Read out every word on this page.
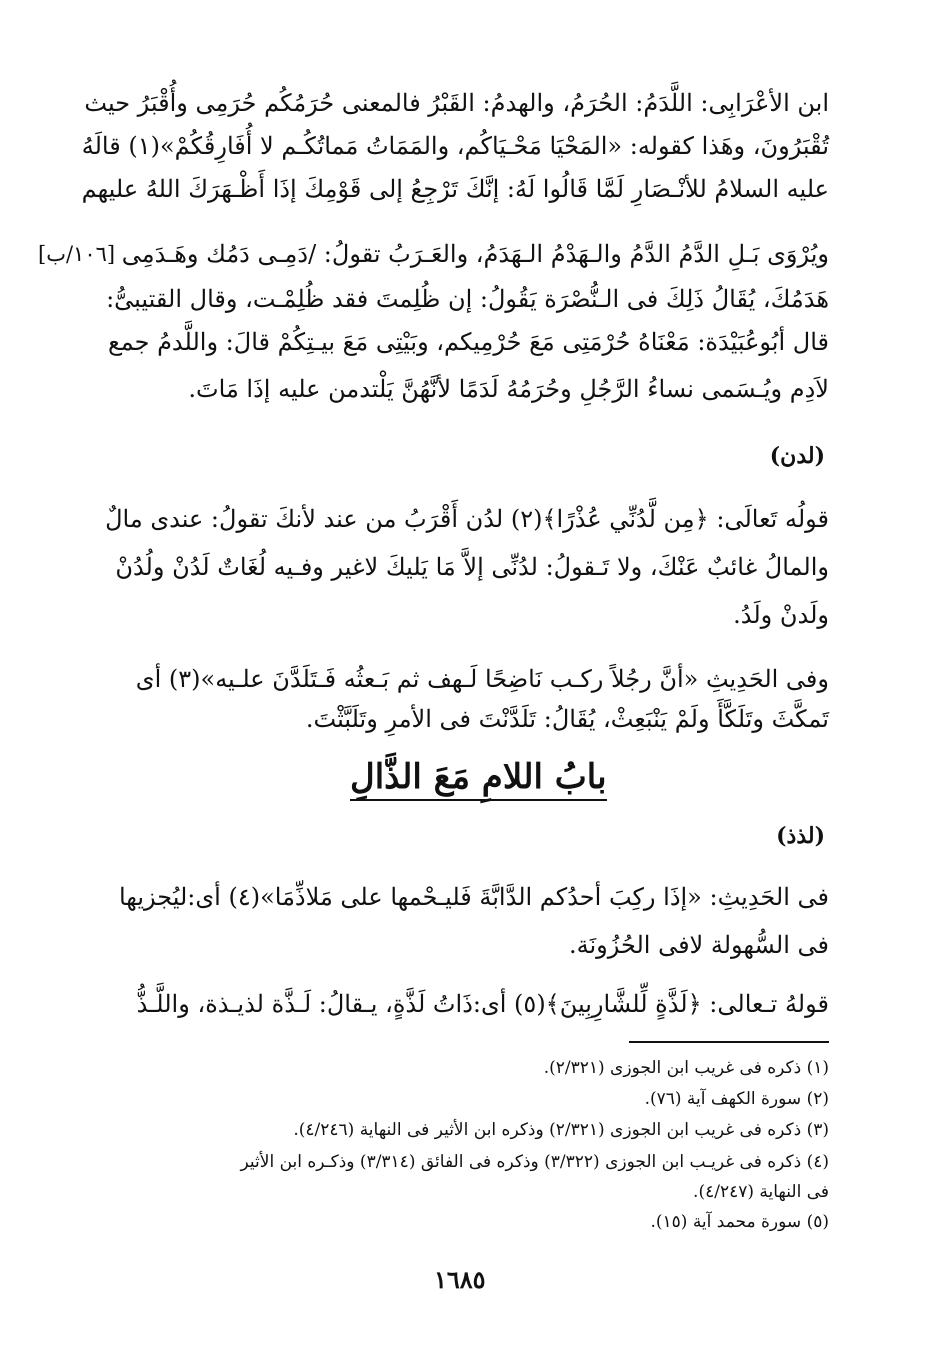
ابن الأعْرَابِى: اللَّدَمُ: الحُرَمُ، والهدمُ: القَبْرُ فالمعنى حُرَمُكُم حُرَمِى وأُقْبَرُ حيث
تُقْبَرُونَ، وهَذا كقوله: «المَحْيَا مَحْـيَاكُم، والمَمَاتُ مَماتُكُـم لا أُفَارِقُكُمْ»(١) قالَهُ
عليه السلامُ للأنْـصَارِ لَمَّا قَالُوا لَهُ: إنَّكَ تَرْجِعُ إلى قَوْمِكَ إذَا أَظْـهَرَكَ اللهُ عليهم
ويُرْوَى بَـلِ الدَّمُ الدَّمُ والـهَدْمُ الـهَدَمُ، والعَـرَبُ تقولُ: /دَمِـى دَمُك وهَـدَمِى
[١٠٦/ب]
هَدَمُكَ، يُقَالُ ذَلِكَ فى الـنُّصْرَة يَقُولُ: إن ظُلِمتَ فقد ظُلِمْـت، وقال القتيبىُّ:
قال أبُوعُبَيْدَة: مَعْنَاهُ حُرْمَتِى مَعَ حُرْمِيكم، وبَيْتِى مَعَ بيـتِكُمْ قالَ: واللَّدمُ جمع
لاَدِم ويُـسَمى نساءُ الرَّجُلِ وحُرَمُهُ لَدَمًا لأنَّهُنَّ يَلْتدمن عليه إذَا مَاتَ.
(لدن)
قولُه تَعالَى: ﴿مِن لَّدُنِّي عُذْرًا﴾(٢) لدُن أَقْرَبُ من عند لأنكَ تقولُ: عندى مالٌ
والمالُ غائبٌ عَنْكَ، ولا تَـقولُ: لدُنِّى إلاَّ مَا يَليكَ لاغير وفـيه لُغَاتٌ لَدُنْ ولُدُنْ
ولَدنْ ولَدُ.
وفى الحَدِيثِ «أنَّ رجُلاً ركـب نَاضِحًا لَـهف ثم بَـعثُه فَـتَلَدَّنَ علـيه»(٣) أى
تَمكَّثَ وتَلَكَّأَ ولَمْ يَنْبَعِثْ، يُقَالُ: تَلَدَّنْتَ فى الأمرِ وتَلَبَّثْتَ.
بابُ اللامِ مَعَ الذَّالِ
(لذذ)
فى الحَدِيثِ: «إذَا ركِبَ أحدُكم الدَّابَّةَ فَليـحْمها على مَلاذِّمَا»(٤) أى:ليُجزيها
فى السُّهولة لافى الحُزُونَة.
قولهُ تـعالى: ﴿لَذَّةٍ لِّلشَّارِبِينَ﴾(٥) أى:ذَاتُ لَذَّةٍ، يـقالُ: لَـذَّة لذيـذة، واللَّـذُّ
(١) ذكره فى غريب ابن الجوزى (٢/٣٢١).
(٢) سورة الكهف آية (٧٦).
(٣) ذكره فى غريب ابن الجوزى (٢/٣٢١) وذكره ابن الأثير فى النهاية (٤/٢٤٦).
(٤) ذكره فى غريـب ابن الجوزى (٣/٣٢٢) وذكره فى الفائق (٣/٣١٤) وذكـره ابن الأثير
فى النهاية (٤/٢٤٧).
(٥) سورة محمد آية (١٥).
١٦٨٥
